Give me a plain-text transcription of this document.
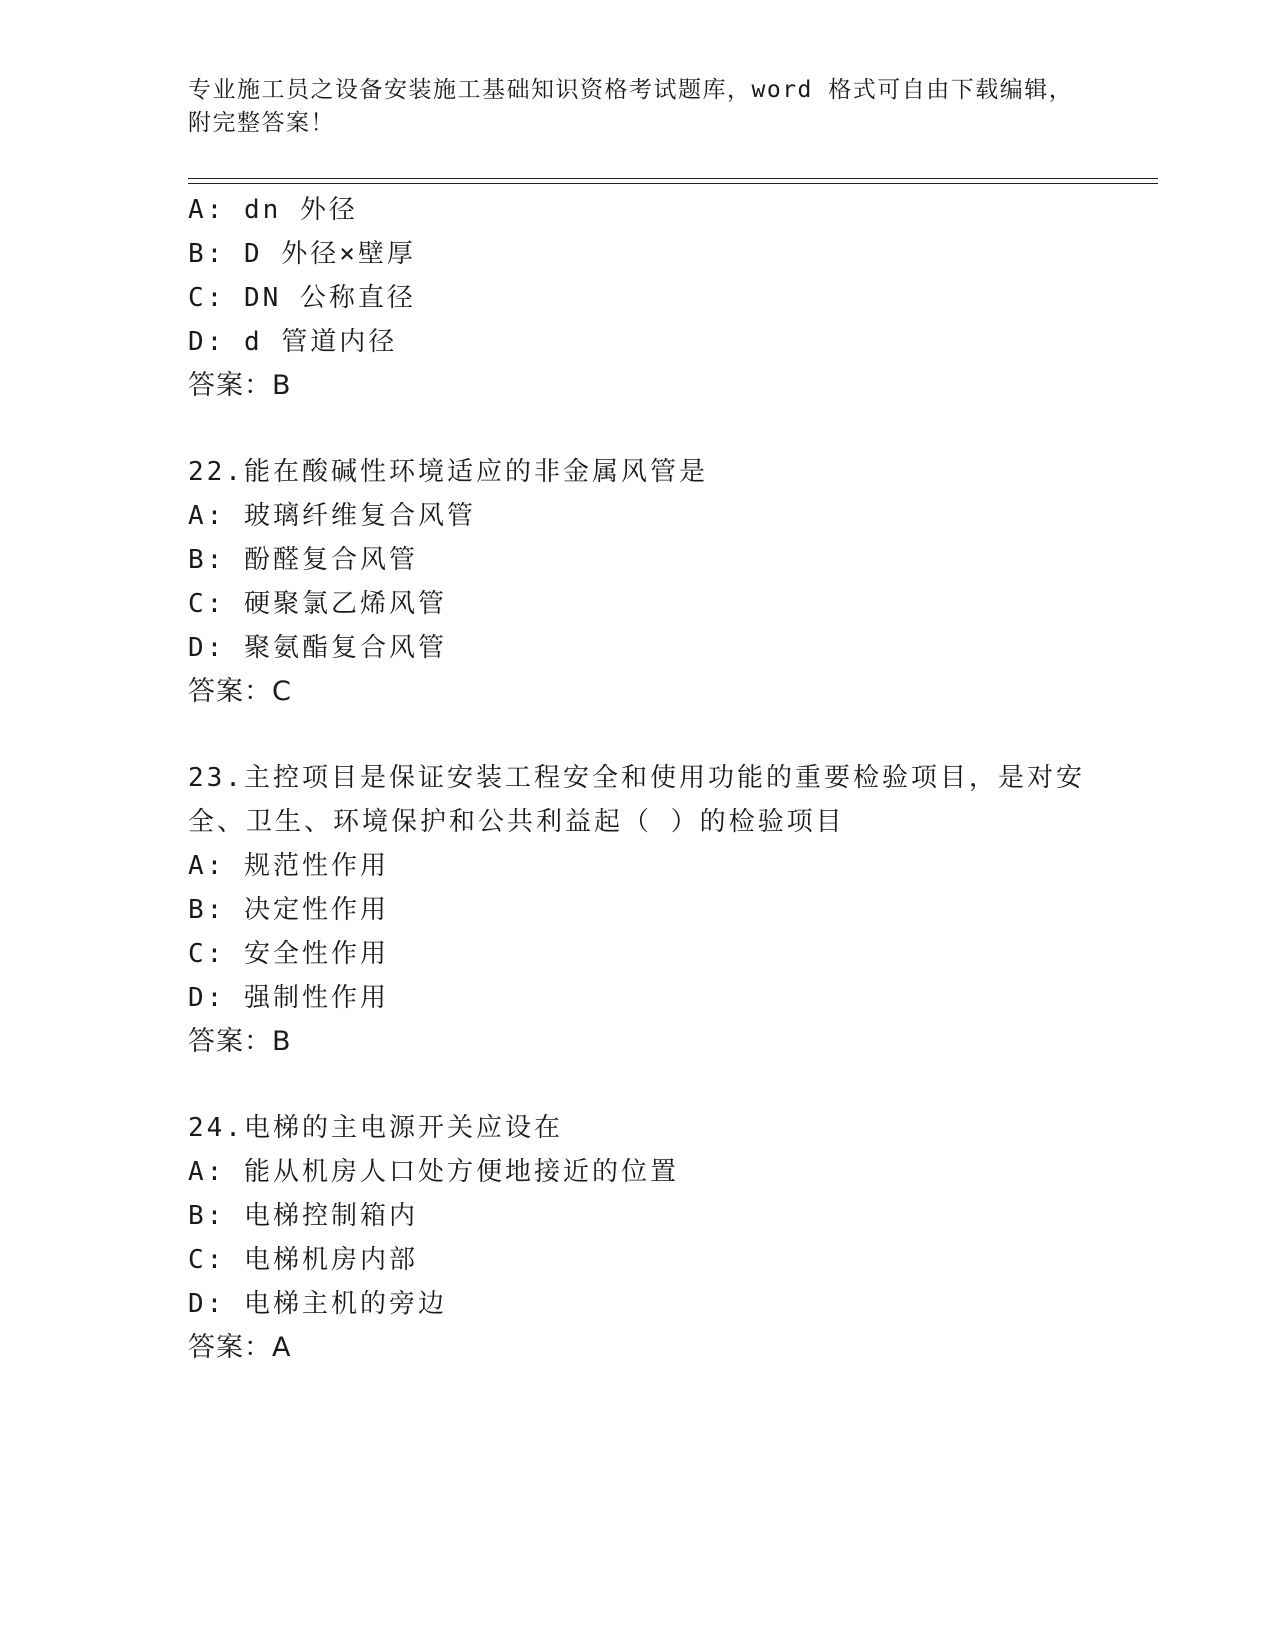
专业施工员之设备安装施工基础知识资格考试题库，word 格式可自由下载编辑，
附完整答案！
A: dn 外径
B: D 外径×壁厚
C: DN 公称直径
D: d 管道内径
答案：B
22.能在酸碱性环境适应的非金属风管是
A: 玻璃纤维复合风管
B: 酚醛复合风管
C: 硬聚氯乙烯风管
D: 聚氨酯复合风管
答案：C
23.主控项目是保证安装工程安全和使用功能的重要检验项目，是对安
全、卫生、环境保护和公共利益起（ ）的检验项目
A: 规范性作用
B: 决定性作用
C: 安全性作用
D: 强制性作用
答案：B
24.电梯的主电源开关应设在
A: 能从机房人口处方便地接近的位置
B: 电梯控制箱内
C: 电梯机房内部
D: 电梯主机的旁边
答案：A
